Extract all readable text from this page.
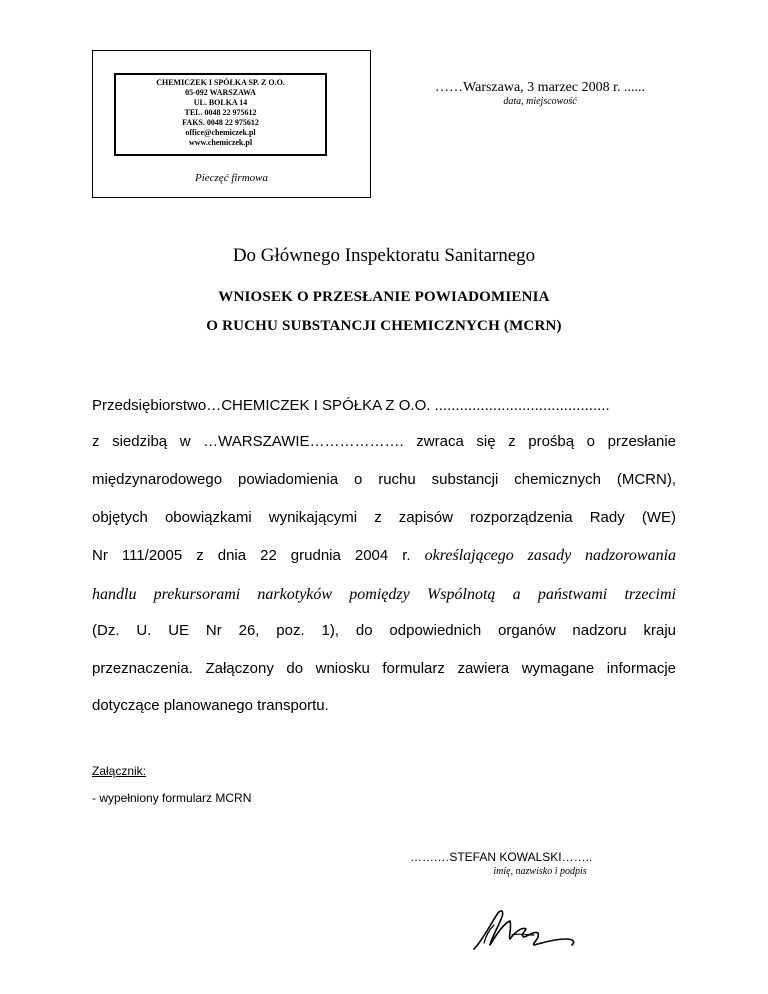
CHEMICZEK I SPÓŁKA SP. Z O.O.
05-092 WARSZAWA
UL. BOLKA 14
TEL. 0048 22 975612
FAKS. 0048 22 975612
office@chemiczek.pl
www.chemiczek.pl
Pieczęć firmowa
……Warszawa, 3 marzec 2008 r. ......
data, miejscowość
Do Głównego Inspektoratu Sanitarnego
WNIOSEK O PRZESŁANIE POWIADOMIENIA
O RUCHU SUBSTANCJI CHEMICZNYCH (MCRN)
Przedsiębiorstwo…CHEMICZEK I SPÓŁKA Z O.O. ..........................................
z siedzibą w …WARSZAWIE………………. zwraca się z prośbą o przesłanie
międzynarodowego powiadomienia o ruchu substancji chemicznych (MCRN),
objętych obowiązkami wynikającymi z zapisów rozporządzenia Rady (WE)
Nr 111/2005 z dnia 22 grudnia 2004 r. określającego zasady nadzorowania
handlu prekursorami narkotyków pomiędzy Wspólnotą a państwami trzecimi
(Dz. U. UE Nr 26, poz. 1), do odpowiednich organów nadzoru kraju
przeznaczenia. Załączony do wniosku formularz zawiera wymagane informacje
dotyczące planowanego transportu.
Załącznik:
- wypełniony formularz MCRN
…….…STEFAN KOWALSKI……..
imię, nazwisko i podpis
